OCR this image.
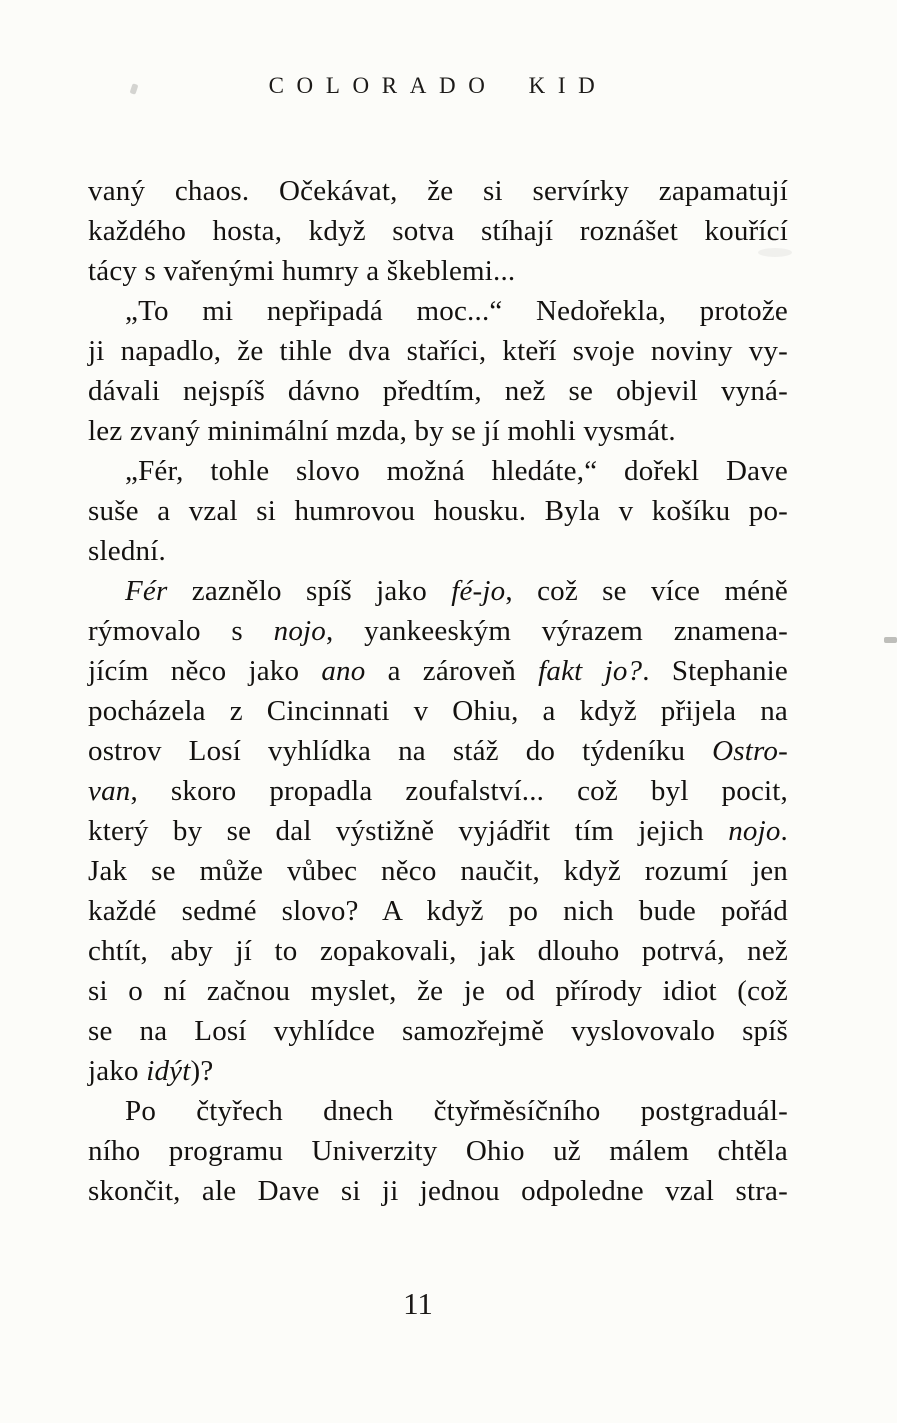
COLORADO KID
vaný chaos. Očekávat, že si servírky zapamatují
každého hosta, když sotva stíhají roznášet kouřící
tácy s vařenými humry a škeblemi...
„To mi nepřipadá moc...“ Nedořekla, protože
ji napadlo, že tihle dva staříci, kteří svoje noviny vy-
dávali nejspíš dávno předtím, než se objevil vyná-
lez zvaný minimální mzda, by se jí mohli vysmát.
„Fér, tohle slovo možná hledáte,“ dořekl Dave
suše a vzal si humrovou housku. Byla v košíku po-
slední.
Fér zaznělo spíš jako fé-jo, což se více méně
rýmovalo s nojo, yankeeským výrazem znamena-
jícím něco jako ano a zároveň fakt jo?. Stephanie
pocházela z Cincinnati v Ohiu, a když přijela na
ostrov Losí vyhlídka na stáž do týdeníku Ostro-
van, skoro propadla zoufalství... což byl pocit,
který by se dal výstižně vyjádřit tím jejich nojo.
Jak se může vůbec něco naučit, když rozumí jen
každé sedmé slovo? A když po nich bude pořád
chtít, aby jí to zopakovali, jak dlouho potrvá, než
si o ní začnou myslet, že je od přírody idiot (což
se na Losí vyhlídce samozřejmě vyslovovalo spíš
jako idýt)?
Po čtyřech dnech čtyřměsíčního postgraduál-
ního programu Univerzity Ohio už málem chtěla
skončit, ale Dave si ji jednou odpoledne vzal stra-
11
